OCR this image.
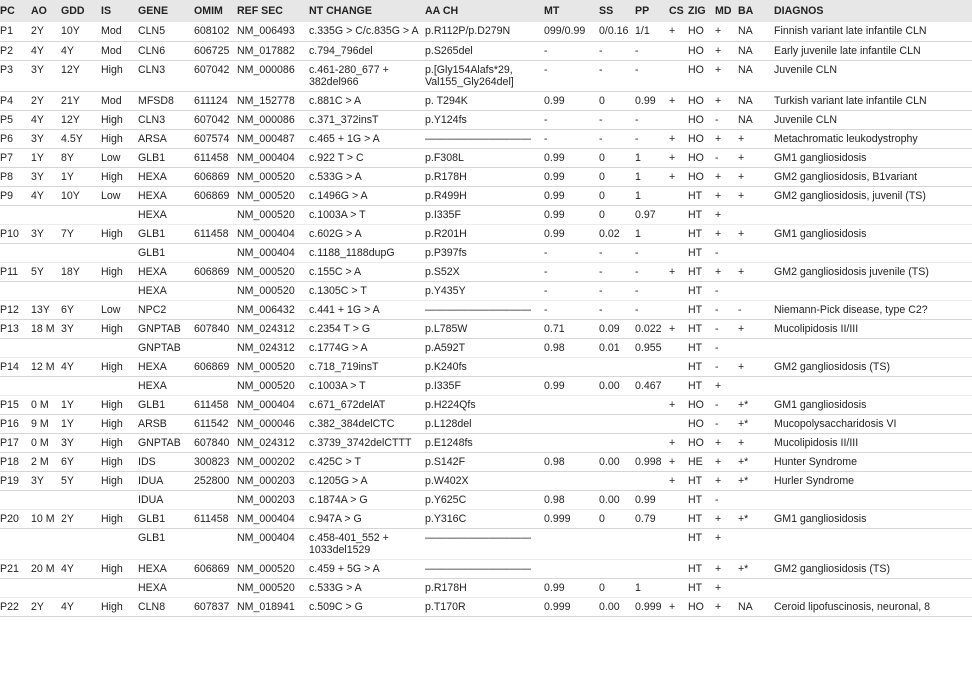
PC	AO	GDD	IS	GENE	OMIM	REF SEC	NT CHANGE	AA CH	MT	SS	PP	CS	ZIG	MD	BA	DIAGNOS
P1	2Y	10Y	Mod	CLN5	608102	NM_006493	c.335G > C/c.835G > A	p.R112P/p.D279N	099/0.99	0/0.16	1/1	+	HO	+	NA	Finnish variant late infantile CLN
P2	4Y	4Y	Mod	CLN6	606725	NM_017882	c.794_796del	p.S265del	-	-	-		HO	+	NA	Early juvenile late infantile CLN
P3	3Y	12Y	High	CLN3	607042	NM_000086	c.461-280_677 + 382del966	p.[Gly154Alafs*29, Val155_Gly264del]	-	-	-		HO	+	NA	Juvenile CLN
P4	2Y	21Y	Mod	MFSD8	611124	NM_152778	c.881C > A	p. T294K	0.99	0	0.99	+	HO	+	NA	Turkish variant late infantile CLN
P5	4Y	12Y	High	CLN3	607042	NM_000086	c.371_372insT	p.Y124fs	-	-	-		HO	-	NA	Juvenile CLN
P6	3Y	4.5Y	High	ARSA	607574	NM_000487	c.465 + 1G > A	——————————	-	-	-	+	HO	+	+	Metachromatic leukodystrophy
P7	1Y	8Y	Low	GLB1	611458	NM_000404	c.922 T > C	p.F308L	0.99	0	1	+	HO	-	+	GM1 gangliosidosis
P8	3Y	1Y	High	HEXA	606869	NM_000520	c.533G > A	p.R178H	0.99	0	1	+	HO	+	+	GM2 gangliosidosis, B1variant
P9	4Y	10Y	Low	HEXA	606869	NM_000520	c.1496G > A	p.R499H	0.99	0	1		HT	+	+	GM2 gangliosidosis, juvenil (TS)
				HEXA		NM_000520	c.1003A > T	p.I335F	0.99	0	0.97		HT	+		
P10	3Y	7Y	High	GLB1	611458	NM_000404	c.602G > A	p.R201H	0.99	0.02	1		HT	+	+	GM1 gangliosidosis
				GLB1		NM_000404	c.1188_1188dupG	p.P397fs	-	-	-		HT	-		
P11	5Y	18Y	High	HEXA	606869	NM_000520	c.155C > A	p.S52X	-	-	-	+	HT	+	+	GM2 gangliosidosis juvenile (TS)
				HEXA		NM_000520	c.1305C > T	p.Y435Y	-	-	-		HT	-		
P12	13Y	6Y	Low	NPC2		NM_006432	c.441 + 1G > A	——————————	-	-	-		HT	-	-	Niemann-Pick disease, type C2?
P13	18 M	3Y	High	GNPTAB	607840	NM_024312	c.2354 T > G	p.L785W	0.71	0.09	0.022	+	HT	-	+	Mucolipidosis II/III
				GNPTAB		NM_024312	c.1774G > A	p.A592T	0.98	0.01	0.955		HT	-		
P14	12 M	4Y	High	HEXA	606869	NM_000520	c.718_719insT	p.K240fs					HT	-	+	GM2 gangliosidosis (TS)
				HEXA		NM_000520	c.1003A > T	p.I335F	0.99	0.00	0.467		HT	+		
P15	0 M	1Y	High	GLB1	611458	NM_000404	c.671_672delAT	p.H224Qfs				+	HO	-	+*	GM1 gangliosidosis
P16	9 M	1Y	High	ARSB	611542	NM_000046	c.382_384delCTC	p.L128del					HO	-	+*	Mucopolysaccharidosis VI
P17	0 M	3Y	High	GNPTAB	607840	NM_024312	c.3739_3742delCTTT	p.E1248fs				+	HO	+	+	Mucolipidosis II/III
P18	2 M	6Y	High	IDS	300823	NM_000202	c.425C > T	p.S142F	0.98	0.00	0.998	+	HE	+	+*	Hunter Syndrome
P19	3Y	5Y	High	IDUA	252800	NM_000203	c.1205G > A	p.W402X				+	HT	+	+*	Hurler Syndrome
				IDUA		NM_000203	c.1874A > G	p.Y625C	0.98	0.00	0.99		HT	-		
P20	10 M	2Y	High	GLB1	611458	NM_000404	c.947A > G	p.Y316C	0.999	0	0.79		HT	+	+*	GM1 gangliosidosis
				GLB1		NM_000404	c.458-401_552 + 1033del1529	——————————					HT	+		
P21	20 M	4Y	High	HEXA	606869	NM_000520	c.459 + 5G > A	——————————					HT	+	+*	GM2 gangliosidosis (TS)
				HEXA		NM_000520	c.533G > A	p.R178H	0.99	0	1		HT	+		
P22	2Y	4Y	High	CLN8	607837	NM_018941	c.509C > G	p.T170R	0.999	0.00	0.999	+	HO	+	NA	Ceroid lipofuscinosis, neuronal, 8
